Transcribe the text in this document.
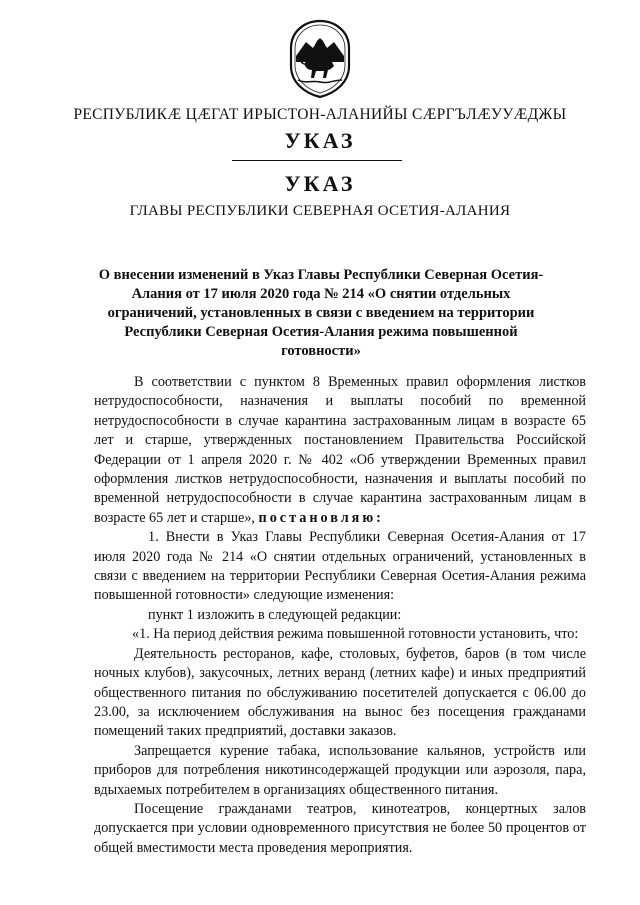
РЕСПУБЛИКÆ ЦÆГАТ ИРЫСТОН-АЛАНИЙЫ СÆРГЪЛÆУУÆДЖЫ
УКАЗ
УКАЗ
ГЛАВЫ РЕСПУБЛИКИ СЕВЕРНАЯ ОСЕТИЯ-АЛАНИЯ
О внесении изменений в Указ Главы Республики Северная Осетия-Алания от 17 июля 2020 года № 214 «О снятии отдельных ограничений, установленных в связи с введением на территории Республики Северная Осетия-Алания режима повышенной готовности»

В соответствии с пунктом 8 Временных правил оформления листков нетрудоспособности, назначения и выплаты пособий по временной нетрудоспособности в случае карантина застрахованным лицам в возрасте 65 лет и старше, утвержденных постановлением Правительства Российской Федерации от 1 апреля 2020 г. № 402 «Об утверждении Временных правил оформления листков нетрудоспособности, назначения и выплаты пособий по временной нетрудоспособности в случае карантина застрахованным лицам в возрасте 65 лет и старше», постановляю:

1. Внести в Указ Главы Республики Северная Осетия-Алания от 17 июля 2020 года № 214 «О снятии отдельных ограничений, установленных в связи с введением на территории Республики Северная Осетия-Алания режима повышенной готовности» следующие изменения:

пункт 1 изложить в следующей редакции:

«1. На период действия режима повышенной готовности установить, что:

Деятельность ресторанов, кафе, столовых, буфетов, баров (в том числе ночных клубов), закусочных, летних веранд (летних кафе) и иных предприятий общественного питания по обслуживанию посетителей допускается с 06.00 до 23.00, за исключением обслуживания на вынос без посещения гражданами помещений таких предприятий, доставки заказов.

Запрещается курение табака, использование кальянов, устройств или приборов для потребления никотинсодержащей продукции или аэрозоля, пара, вдыхаемых потребителем в организациях общественного питания.

Посещение гражданами театров, кинотеатров, концертных залов допускается при условии одновременного присутствия не более 50 процентов от общей вместимости места проведения мероприятия.
